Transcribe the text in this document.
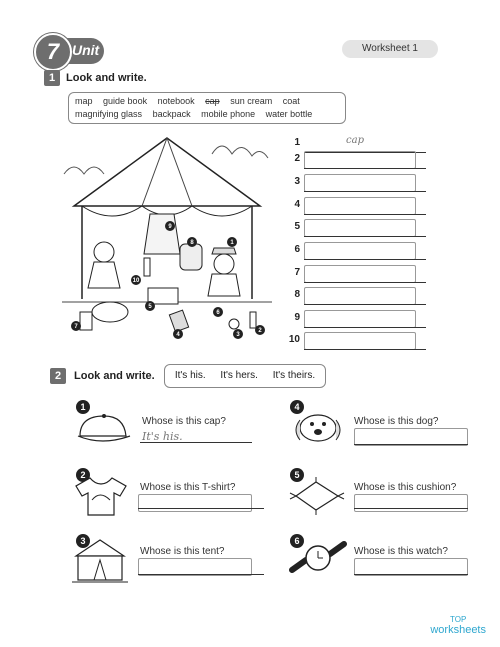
7 Unit	Worksheet 1
1 Look and write.
map guide book notebook cap sun cream coat
magnifying glass backpack mobile phone water bottle
1
2
3
4
5
6
7
8
9
10
1	cap
2
3
4
5
6
7
8
9
10
2	Look and write.	It's his. It's hers. It's theirs.
1
Whose is this cap?
It's his.
2
Whose is this T-shirt?
3
Whose is this tent?
4
Whose is this dog?
5
Whose is this cushion?
6
Whose is this watch?
TOP
worksheets
